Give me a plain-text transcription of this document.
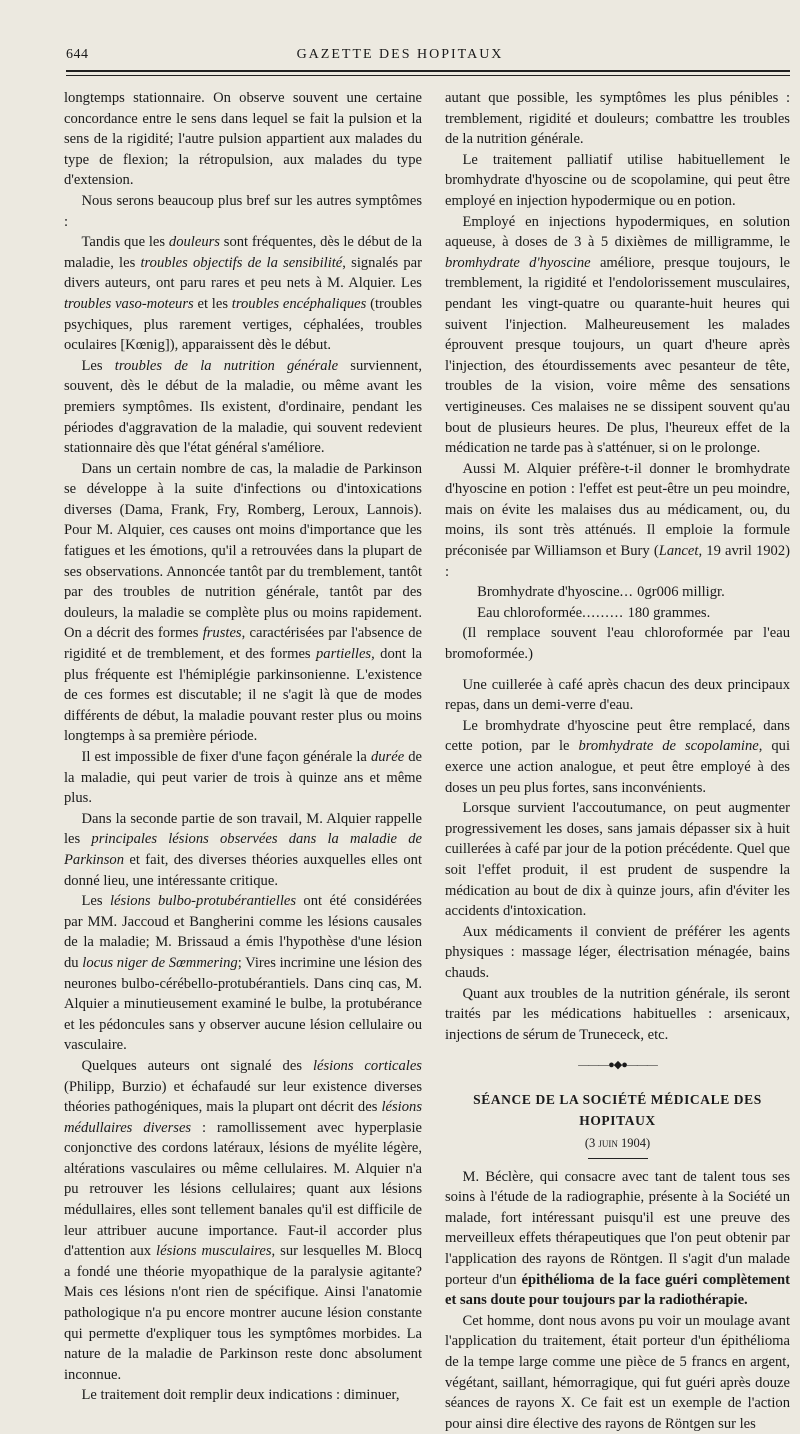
644	GAZETTE DES HOPITAUX

longtemps stationnaire. On observe souvent une certaine concordance entre le sens dans lequel se fait la pulsion et la sens de la rigidité; l'autre pulsion appartient aux malades du type de flexion; la rétropulsion, aux malades du type d'extension.

Nous serons beaucoup plus bref sur les autres symptômes :

Tandis que les douleurs sont fréquentes, dès le début de la maladie, les troubles objectifs de la sensibilité, signalés par divers auteurs, ont paru rares et peu nets à M. Alquier. Les troubles vaso-moteurs et les troubles encéphaliques (troubles psychiques, plus rarement vertiges, céphalées, troubles oculaires [Kœnig]), apparaissent dès le début.

Les troubles de la nutrition générale surviennent, souvent, dès le début de la maladie, ou même avant les premiers symptômes. Ils existent, d'ordinaire, pendant les périodes d'aggravation de la maladie, qui souvent redevient stationnaire dès que l'état général s'améliore.

Dans un certain nombre de cas, la maladie de Parkinson se développe à la suite d'infections ou d'intoxications diverses (Dama, Frank, Fry, Romberg, Leroux, Lannois). Pour M. Alquier, ces causes ont moins d'importance que les fatigues et les émotions, qu'il a retrouvées dans la plupart de ses observations. Annoncée tantôt par du tremblement, tantôt par des troubles de nutrition générale, tantôt par des douleurs, la maladie se complète plus ou moins rapidement. On a décrit des formes frustes, caractérisées par l'absence de rigidité et de tremblement, et des formes partielles, dont la plus fréquente est l'hémiplégie parkinsonienne. L'existence de ces formes est discutable; il ne s'agit là que de modes différents de début, la maladie pouvant rester plus ou moins longtemps à sa première période.

Il est impossible de fixer d'une façon générale la durée de la maladie, qui peut varier de trois à quinze ans et même plus.

Dans la seconde partie de son travail, M. Alquier rappelle les principales lésions observées dans la maladie de Parkinson et fait, des diverses théories auxquelles elles ont donné lieu, une intéressante critique.

Les lésions bulbo-protubérantielles ont été considérées par MM. Jaccoud et Bangherini comme les lésions causales de la maladie; M. Brissaud a émis l'hypothèse d'une lésion du locus niger de Sœmmering; Vires incrimine une lésion des neurones bulbo-cérébello-protubérantiels. Dans cinq cas, M. Alquier a minutieusement examiné le bulbe, la protubérance et les pédoncules sans y observer aucune lésion cellulaire ou vasculaire.

Quelques auteurs ont signalé des lésions corticales (Philipp, Burzio) et échafaudé sur leur existence diverses théories pathogéniques, mais la plupart ont décrit des lésions médullaires diverses : ramollissement avec hyperplasie conjonctive des cordons latéraux, lésions de myélite légère, altérations vasculaires ou même cellulaires. M. Alquier n'a pu retrouver les lésions cellulaires; quant aux lésions médullaires, elles sont tellement banales qu'il est difficile de leur attribuer aucune importance. Faut-il accorder plus d'attention aux lésions musculaires, sur lesquelles M. Blocq a fondé une théorie myopathique de la paralysie agitante? Mais ces lésions n'ont rien de spécifique. Ainsi l'anatomie pathologique n'a pu encore montrer aucune lésion constante qui permette d'expliquer tous les symptômes morbides. La nature de la maladie de Parkinson reste donc absolument inconnue.

Le traitement doit remplir deux indications : diminuer,

autant que possible, les symptômes les plus pénibles : tremblement, rigidité et douleurs; combattre les troubles de la nutrition générale.

Le traitement palliatif utilise habituellement le bromhydrate d'hyoscine ou de scopolamine, qui peut être employé en injection hypodermique ou en potion.

Employé en injections hypodermiques, en solution aqueuse, à doses de 3 à 5 dixièmes de milligramme, le bromhydrate d'hyoscine améliore, presque toujours, le tremblement, la rigidité et l'endolorissement musculaires, pendant les vingt-quatre ou quarante-huit heures qui suivent l'injection. Malheureusement les malades éprouvent presque toujours, un quart d'heure après l'injection, des étourdissements avec pesanteur de tête, troubles de la vision, voire même des sensations vertigineuses. Ces malaises ne se dissipent souvent qu'au bout de plusieurs heures. De plus, l'heureux effet de la médication ne tarde pas à s'atténuer, si on le prolonge.

Aussi M. Alquier préfère-t-il donner le bromhydrate d'hyoscine en potion : l'effet est peut-être un peu moindre, mais on évite les malaises dus au médicament, ou, du moins, ils sont très atténués. Il emploie la formule préconisée par Williamson et Bury (Lancet, 19 avril 1902) :

Bromhydrate d'hyoscine... 0gr006 milligr.

Eau chloroformée......... 180 grammes.

(Il remplace souvent l'eau chloroformée par l'eau bromoformée.)

Une cuillerée à café après chacun des deux principaux repas, dans un demi-verre d'eau.

Le bromhydrate d'hyoscine peut être remplacé, dans cette potion, par le bromhydrate de scopolamine, qui exerce une action analogue, et peut être employé à des doses un peu plus fortes, sans inconvénients.

Lorsque survient l'accoutumance, on peut augmenter progressivement les doses, sans jamais dépasser six à huit cuillerées à café par jour de la potion précédente. Quel que soit l'effet produit, il est prudent de suspendre la médication au bout de dix à quinze jours, afin d'éviter les accidents d'intoxication.

Aux médicaments il convient de préférer les agents physiques : massage léger, électrisation ménagée, bains chauds.

Quant aux troubles de la nutrition générale, ils seront traités par les médications habituelles : arsenicaux, injections de sérum de Trunececk, etc.

———●◆●———
SÉANCE DE LA SOCIÉTÉ MÉDICALE DES HOPITAUX
(3 juin 1904)

M. Béclère, qui consacre avec tant de talent tous ses soins à l'étude de la radiographie, présente à la Société un malade, fort intéressant puisqu'il est une preuve des merveilleux effets thérapeutiques que l'on peut obtenir par l'application des rayons de Röntgen. Il s'agit d'un malade porteur d'un épithélioma de la face guéri complètement et sans doute pour toujours par la radiothérapie.

Cet homme, dont nous avons pu voir un moulage avant l'application du traitement, était porteur d'un épithélioma de la tempe large comme une pièce de 5 francs en argent, végétant, saillant, hémorragique, qui fut guéri après douze séances de rayons X. Ce fait est un exemple de l'action pour ainsi dire élective des rayons de Röntgen sur les
